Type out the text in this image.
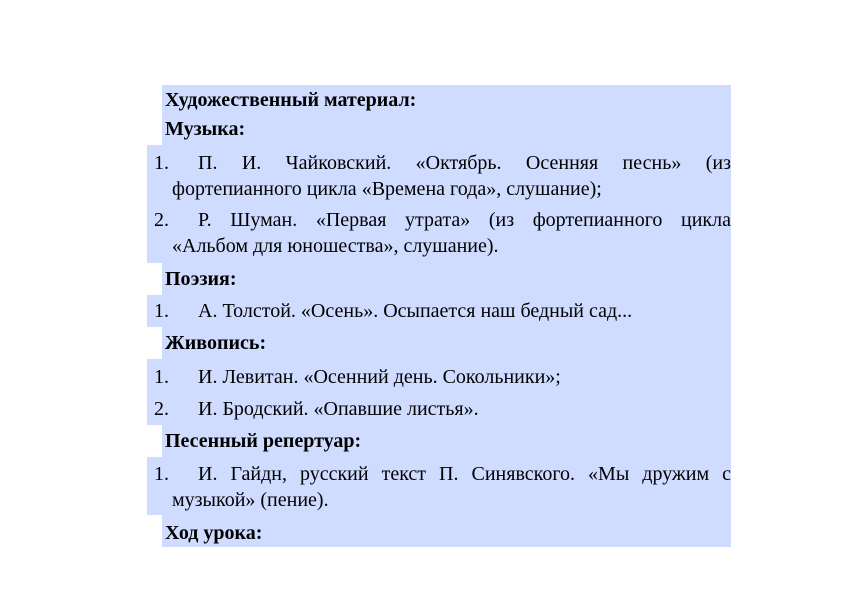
Художественный материал:
Музыка:
1. П. И. Чайковский. «Октябрь. Осенняя песнь» (из
фортепианного цикла «Времена года», слушание);
2. Р. Шуман. «Первая утрата» (из фортепианного цикла
«Альбом для юношества», слушание).
Поэзия:
1. А. Толстой. «Осень». Осыпается наш бедный сад...
Живопись:
1. И. Левитан. «Осенний день. Сокольники»;
2. И. Бродский. «Опавшие листья».
Песенный репертуар:
1. И. Гайдн, русский текст П. Синявского. «Мы дружим с
музыкой» (пение).
Ход урока:
